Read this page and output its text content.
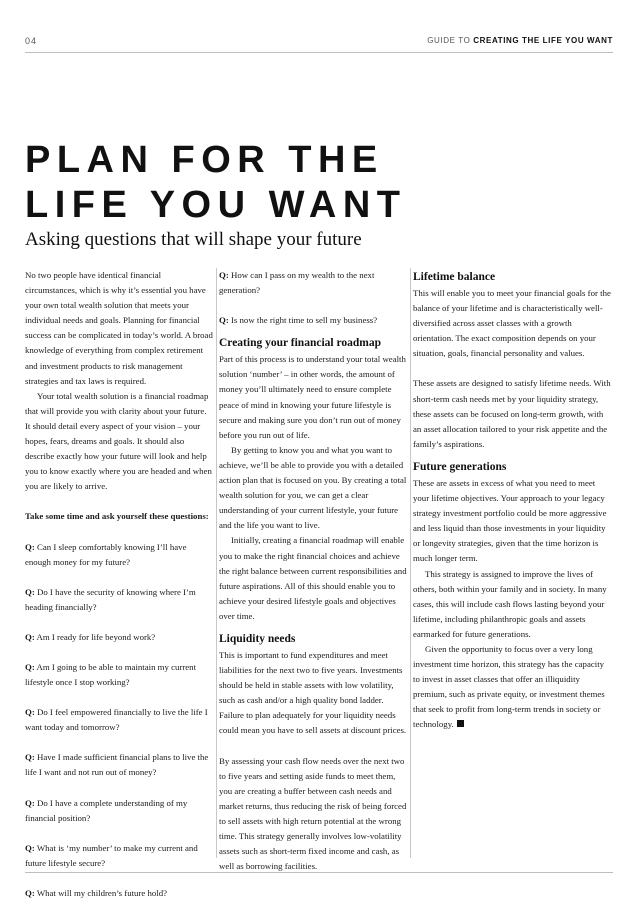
04	GUIDE TO CREATING THE LIFE YOU WANT
PLAN FOR THE
LIFE YOU WANT
Asking questions that will shape your future

No two people have identical financial circumstances, which is why it’s essential you have your own total wealth solution that meets your individual needs and goals. Planning for financial success can be complicated in today’s world. A broad knowledge of everything from complex retirement and investment products to risk management strategies and tax laws is required.

Your total wealth solution is a financial roadmap that will provide you with clarity about your future. It should detail every aspect of your vision – your hopes, fears, dreams and goals. It should also describe exactly how your future will look and help you to know exactly where you are headed and when you are likely to arrive.

Take some time and ask yourself these questions:

Q: Can I sleep comfortably knowing I’ll have enough money for my future?

Q: Do I have the security of knowing where I’m heading financially?

Q: Am I ready for life beyond work?

Q: Am I going to be able to maintain my current lifestyle once I stop working?

Q: Do I feel empowered financially to live the life I want today and tomorrow?

Q: Have I made sufficient financial plans to live the life I want and not run out of money?

Q: Do I have a complete understanding of my financial position?

Q: What is ‘my number’ to make my current and future lifestyle secure?

Q: What will my children’s future hold?

Q: How can I pass on my wealth to the next generation?

Q: Is now the right time to sell my business?

Creating your financial roadmap

Part of this process is to understand your total wealth solution ‘number’ – in other words, the amount of money you’ll ultimately need to ensure complete peace of mind in knowing your future lifestyle is secure and making sure you don’t run out of money before you run out of life.

By getting to know you and what you want to achieve, we’ll be able to provide you with a detailed action plan that is focused on you. By creating a total wealth solution for you, we can get a clear understanding of your current lifestyle, your future and the life you want to live.

Initially, creating a financial roadmap will enable you to make the right financial choices and achieve the right balance between current responsibilities and future aspirations. All of this should enable you to achieve your desired lifestyle goals and objectives over time.

Liquidity needs

This is important to fund expenditures and meet liabilities for the next two to five years. Investments should be held in stable assets with low volatility, such as cash and/or a high quality bond ladder. Failure to plan adequately for your liquidity needs could mean you have to sell assets at discount prices.

By assessing your cash flow needs over the next two to five years and setting aside funds to meet them, you are creating a buffer between cash needs and market returns, thus reducing the risk of being forced to sell assets with high return potential at the wrong time. This strategy generally involves low-volatility assets such as short-term fixed income and cash, as well as borrowing facilities.

Lifetime balance

This will enable you to meet your financial goals for the balance of your lifetime and is characteristically well-diversified across asset classes with a growth orientation. The exact composition depends on your situation, goals, financial personality and values.

These assets are designed to satisfy lifetime needs. With short-term cash needs met by your liquidity strategy, these assets can be focused on long-term growth, with an asset allocation tailored to your risk appetite and the family’s aspirations.

Future generations

These are assets in excess of what you need to meet your lifetime objectives. Your approach to your legacy strategy investment portfolio could be more aggressive and less liquid than those investments in your liquidity or longevity strategies, given that the time horizon is much longer term.

This strategy is assigned to improve the lives of others, both within your family and in society. In many cases, this will include cash flows lasting beyond your lifetime, including philanthropic goals and assets earmarked for future generations.

Given the opportunity to focus over a very long investment time horizon, this strategy has the capacity to invest in asset classes that offer an illiquidity premium, such as private equity, or investment themes that seek to profit from long-term trends in society or technology.
